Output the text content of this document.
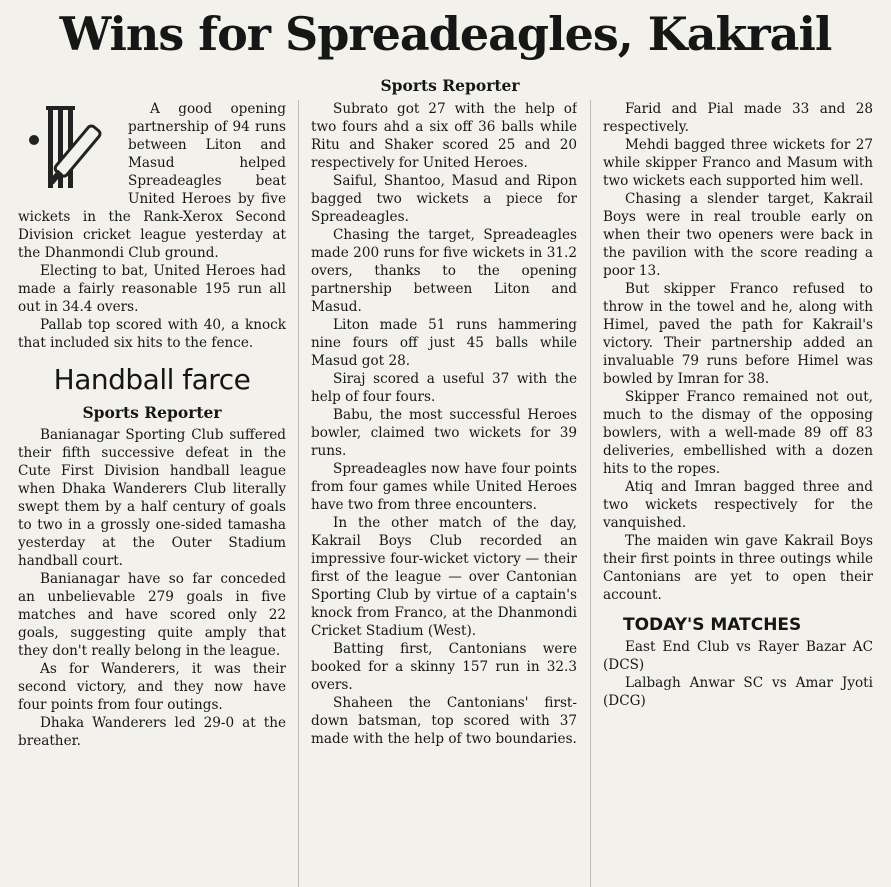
Wins for Spreadeagles, Kakrail
Sports Reporter

A good opening partnership of 94 runs between Liton and Masud helped Spreadeagles beat United Heroes by five wickets in the Rank-Xerox Second Division cricket league yesterday at the Dhanmondi Club ground.

Electing to bat, United Heroes had made a fairly reasonable 195 run all out in 34.4 overs.

Pallab top scored with 40, a knock that included six hits to the fence.

Handball farce
Sports Reporter

Banianagar Sporting Club suffered their fifth successive defeat in the Cute First Division handball league when Dhaka Wanderers Club literally swept them by a half century of goals to two in a grossly one-sided tamasha yesterday at the Outer Stadium handball court.

Banianagar have so far conceded an unbelievable 279 goals in five matches and have scored only 22 goals, suggesting quite amply that they don't really belong in the league.

As for Wanderers, it was their second victory, and they now have four points from four outings.

Dhaka Wanderers led 29-0 at the breather.

Subrato got 27 with the help of two fours ahd a six off 36 balls while Ritu and Shaker scored 25 and 20 respectively for United Heroes.

Saiful, Shantoo, Masud and Ripon bagged two wickets a piece for Spreadeagles.

Chasing the target, Spreadeagles made 200 runs for five wickets in 31.2 overs, thanks to the opening partnership between Liton and Masud.

Liton made 51 runs hammering nine fours off just 45 balls while Masud got 28.

Siraj scored a useful 37 with the help of four fours.

Babu, the most successful Heroes bowler, claimed two wickets for 39 runs.

Spreadeagles now have four points from four games while United Heroes have two from three encounters.

In the other match of the day, Kakrail Boys Club recorded an impressive four-wicket victory — their first of the league — over Cantonian Sporting Club by virtue of a captain's knock from Franco, at the Dhanmondi Cricket Stadium (West).

Batting first, Cantonians were booked for a skinny 157 run in 32.3 overs.

Shaheen the Cantonians' first-down batsman, top scored with 37 made with the help of two boundaries.

Farid and Pial made 33 and 28 respectively.

Mehdi bagged three wickets for 27 while skipper Franco and Masum with two wickets each supported him well.

Chasing a slender target, Kakrail Boys were in real trouble early on when their two openers were back in the pavilion with the score reading a poor 13.

But skipper Franco refused to throw in the towel and he, along with Himel, paved the path for Kakrail's victory. Their partnership added an invaluable 79 runs before Himel was bowled by Imran for 38.

Skipper Franco remained not out, much to the dismay of the opposing bowlers, with a well-made 89 off 83 deliveries, embellished with a dozen hits to the ropes.

Atiq and Imran bagged three and two wickets respectively for the vanquished.

The maiden win gave Kakrail Boys their first points in three outings while Cantonians are yet to open their account.

TODAY'S MATCHES

East End Club vs Rayer Bazar AC (DCS)

Lalbagh Anwar SC vs Amar Jyoti (DCG)
